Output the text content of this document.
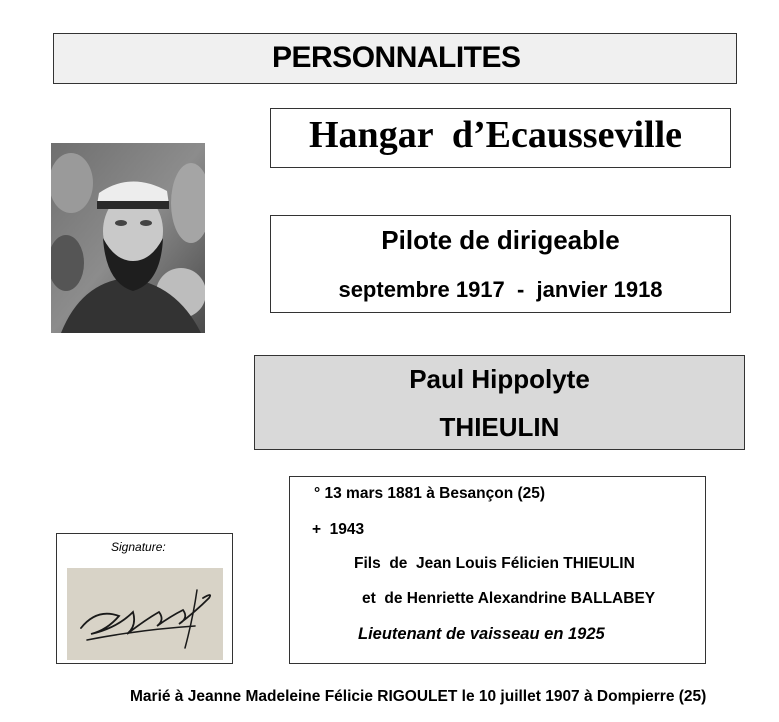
PERSONNALITES
Hangar  d’Ecausseville
Pilote de dirigeable
septembre 1917  -  janvier 1918
Paul Hippolyte
THIEULIN
Signature:
° 13 mars 1881 à Besançon (25)
+  1943
Fils  de  Jean Louis Félicien THIEULIN
et  de Henriette Alexandrine BALLABEY
Lieutenant de vaisseau en 1925
Marié à Jeanne Madeleine Félicie RIGOULET le 10 juillet 1907 à Dompierre (25)
